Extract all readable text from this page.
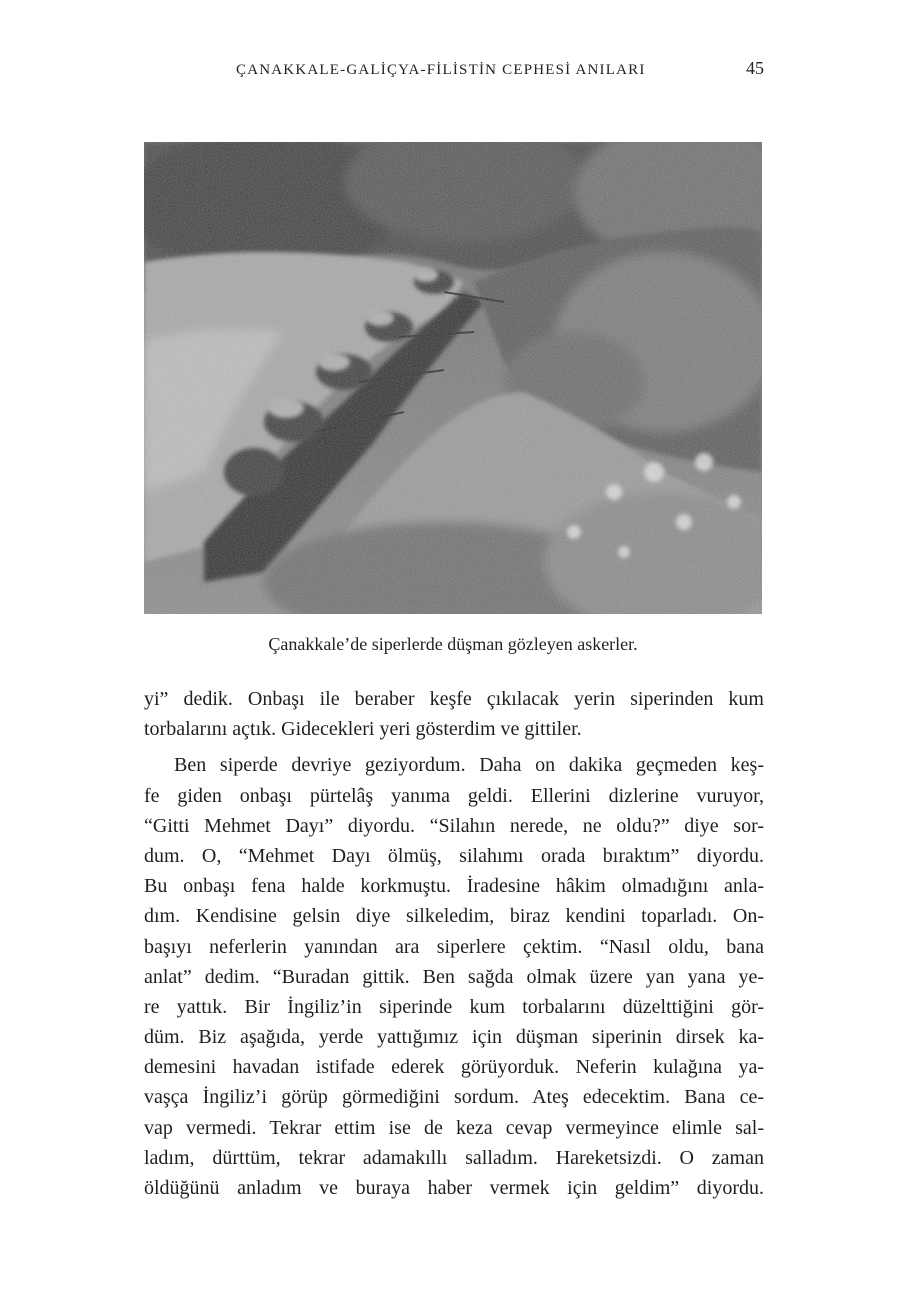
ÇANAKKALE-GALİÇYA-FİLİSTİN CEPHESİ ANILARI	45
Çanakkale’de siperlerde düşman gözleyen askerler.
yi” dedik. Onbaşı ile beraber keşfe çıkılacak yerin siperinden kum
torbalarını açtık. Gidecekleri yeri gösterdim ve gittiler.
Ben siperde devriye geziyordum. Daha on dakika geçmeden keş-
fe giden onbaşı pürtelâş yanıma geldi. Ellerini dizlerine vuruyor,
“Gitti Mehmet Dayı” diyordu. “Silahın nerede, ne oldu?” diye sor-
dum. O, “Mehmet Dayı ölmüş, silahımı orada bıraktım” diyordu.
Bu onbaşı fena halde korkmuştu. İradesine hâkim olmadığını anla-
dım. Kendisine gelsin diye silkeledim, biraz kendini toparladı. On-
başıyı neferlerin yanından ara siperlere çektim. “Nasıl oldu, bana
anlat” dedim. “Buradan gittik. Ben sağda olmak üzere yan yana ye-
re yattık. Bir İngiliz’in siperinde kum torbalarını düzelttiğini gör-
düm. Biz aşağıda, yerde yattığımız için düşman siperinin dirsek ka-
demesini havadan istifade ederek görüyorduk. Neferin kulağına ya-
vaşça İngiliz’i görüp görmediğini sordum. Ateş edecektim. Bana ce-
vap vermedi. Tekrar ettim ise de keza cevap vermeyince elimle sal-
ladım, dürttüm, tekrar adamakıllı salladım. Hareketsizdi. O zaman
öldüğünü anladım ve buraya haber vermek için geldim” diyordu.
